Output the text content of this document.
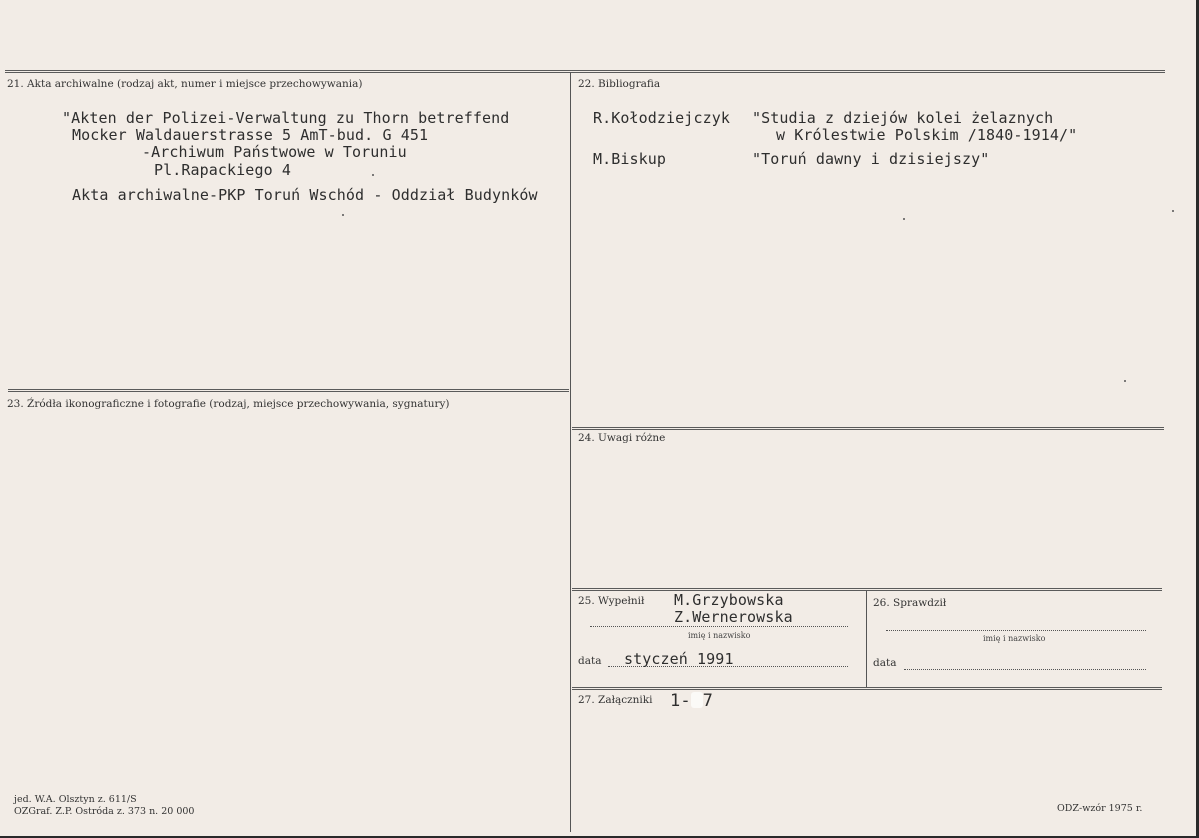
21. Akta archiwalne (rodzaj akt, numer i miejsce przechowywania)
"Akten der Polizei-Verwaltung zu Thorn betreffend
Mocker Waldauerstrasse 5 AmT-bud. G 451
-Archiwum Państwowe w Toruniu
Pl.Rapackiego 4
Akta archiwalne-PKP Toruń Wschód - Oddział Budynków
22. Bibliografia
R.Kołodziejczyk "Studia z dziejów kolei żelaznych
w Królestwie Polskim /1840-1914/"
M.Biskup	"Toruń dawny i dzisiejszy"
23. Źródła ikonograficzne i fotografie (rodzaj, miejsce przechowywania, sygnatury)
24. Uwagi różne
25. Wypełnił M.Grzybowska
Z.Wernerowska
imię i nazwisko
data styczeń 1991
26. Sprawdził
imię i nazwisko
data
27. Załączniki 1- 7
jed. W.A. Olsztyn z. 611/S
OZGraf. Z.P. Ostróda z. 373 n. 20 000	ODZ-wzór 1975 r.
